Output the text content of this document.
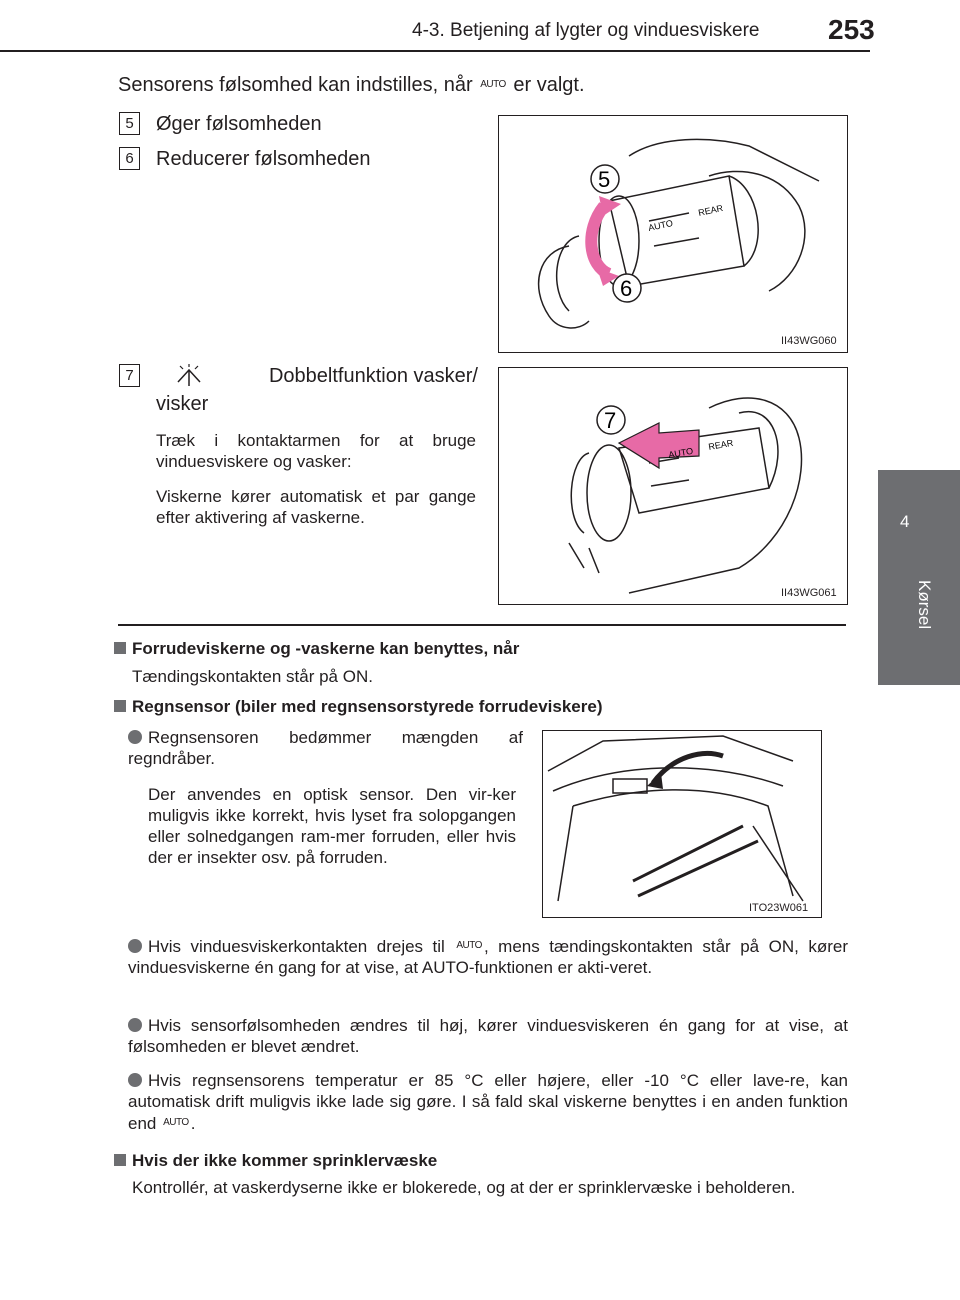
4-3. Betjening af lygter og vinduesviskere 253
4
Kørsel

Sensorens følsomhed kan indstilles, når $^{AUTO}$ er valgt.

5	Øger følsomheden

6	Reducerer følsomheden

AUTO
REAR
5
6
II43WG060
7	Dobbeltfunktion vasker/

visker

Træk i kontaktarmen for at bruge vinduesviskere og vasker:

Viskerne kører automatisk et par gange efter aktivering af vaskerne.

AUTO
REAR
7
II43WG061

Forrudeviskerne og -vaskerne kan benyttes, når

Tændingskontakten står på ON.

Regnsensor (biler med regnsensorstyrede forrudeviskere)

Regnsensoren bedømmer mængden af regndråber.

Der anvendes en optisk sensor. Den vir-ker muligvis ikke korrekt, hvis lyset fra solopgangen eller solnedgangen ram-mer forruden, eller hvis der er insekter osv. på forruden.

ITO23W061

Hvis vinduesviskerkontakten drejes til $^{AUTO}$ , mens tændingskontakten står på ON, kører vinduesviskerne én gang for at vise, at AUTO-funktionen er akti-veret.

Hvis sensorfølsomheden ændres til høj, kører vinduesviskeren én gang for at vise, at følsomheden er blevet ændret.

Hvis regnsensorens temperatur er 85 °C eller højere, eller -10 °C eller lave-re, kan automatisk drift muligvis ikke lade sig gøre. I så fald skal viskerne benyttes i en anden funktion end $^{AUTO}$ .

Hvis der ikke kommer sprinklervæske

Kontrollér, at vaskerdyserne ikke er blokerede, og at der er sprinklervæske i beholderen.
